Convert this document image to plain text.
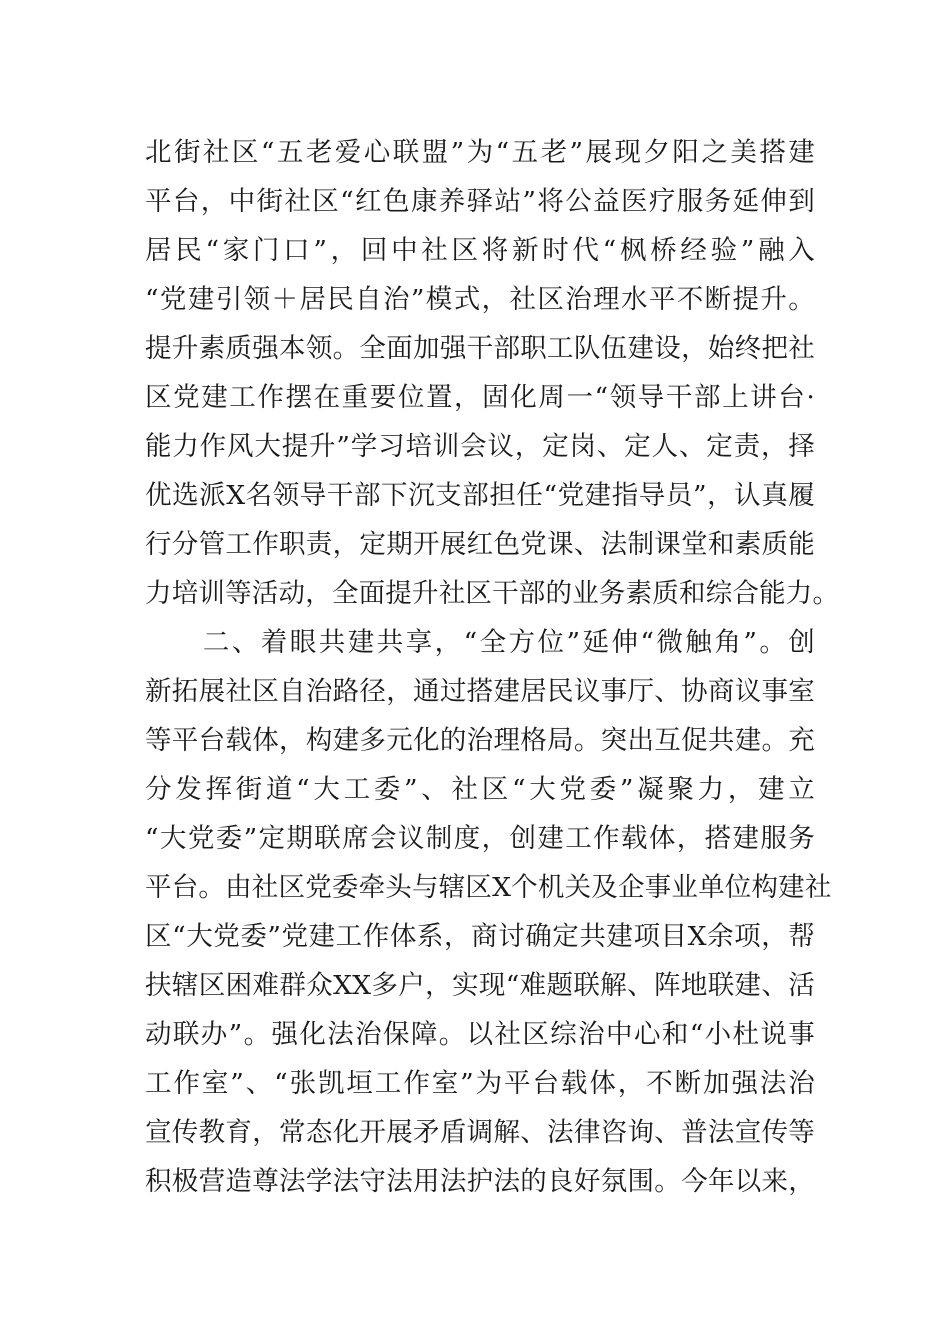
北街社区“五老爱心联盟”为“五老”展现夕阳之美搭建
平台，中街社区“红色康养驿站”将公益医疗服务延伸到
居民“家门口”，回中社区将新时代“枫桥经验”融入
“党建引领＋居民自治”模式，社区治理水平不断提升。
提升素质强本领。全面加强干部职工队伍建设，始终把社
区党建工作摆在重要位置，固化周一“领导干部上讲台·
能力作风大提升”学习培训会议，定岗、定人、定责，择
优选派X名领导干部下沉支部担任“党建指导员”，认真履
行分管工作职责，定期开展红色党课、法制课堂和素质能
力培训等活动，全面提升社区干部的业务素质和综合能力。
　　二、着眼共建共享，“全方位”延伸“微触角”。创
新拓展社区自治路径，通过搭建居民议事厅、协商议事室
等平台载体，构建多元化的治理格局。突出互促共建。充
分发挥街道“大工委”、社区“大党委”凝聚力，建立
“大党委”定期联席会议制度，创建工作载体，搭建服务
平台。由社区党委牵头与辖区X个机关及企事业单位构建社
区“大党委”党建工作体系，商讨确定共建项目X余项，帮
扶辖区困难群众XX多户，实现“难题联解、阵地联建、活
动联办”。强化法治保障。以社区综治中心和“小杜说事
工作室”、“张凯垣工作室”为平台载体，不断加强法治
宣传教育，常态化开展矛盾调解、法律咨询、普法宣传等
积极营造尊法学法守法用法护法的良好氛围。今年以来，
